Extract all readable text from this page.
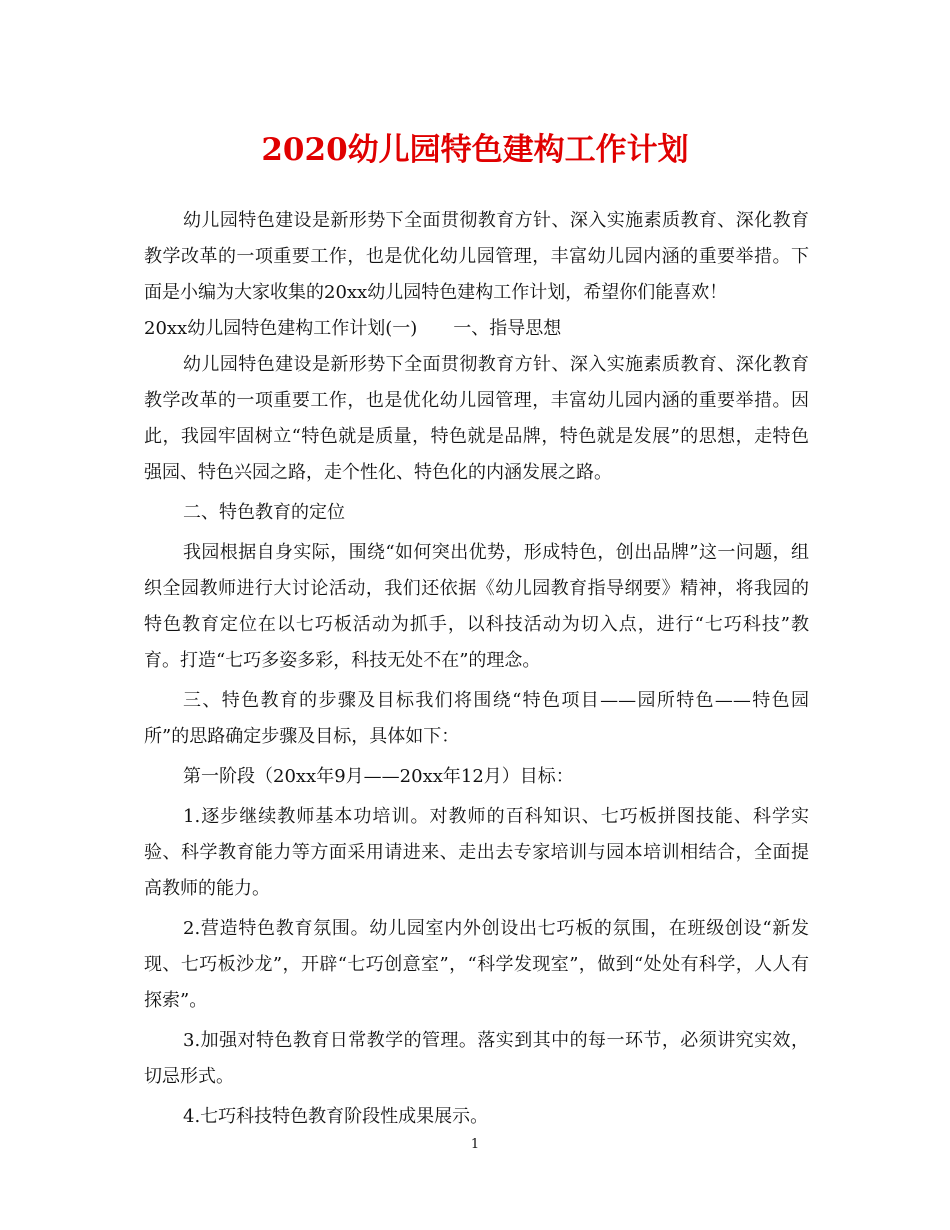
2020幼儿园特色建构工作计划

幼儿园特色建设是新形势下全面贯彻教育方针、深入实施素质教育、深化教育教学改革的一项重要工作，也是优化幼儿园管理，丰富幼儿园内涵的重要举措。下面是小编为大家收集的20xx幼儿园特色建构工作计划，希望你们能喜欢！

20xx幼儿园特色建构工作计划(一) 一、指导思想

幼儿园特色建设是新形势下全面贯彻教育方针、深入实施素质教育、深化教育教学改革的一项重要工作，也是优化幼儿园管理，丰富幼儿园内涵的重要举措。因此，我园牢固树立“特色就是质量，特色就是品牌，特色就是发展”的思想，走特色强园、特色兴园之路，走个性化、特色化的内涵发展之路。

二、特色教育的定位

我园根据自身实际，围绕“如何突出优势，形成特色，创出品牌”这一问题，组织全园教师进行大讨论活动，我们还依据《幼儿园教育指导纲要》精神，将我园的特色教育定位在以七巧板活动为抓手，以科技活动为切入点，进行“七巧科技”教育。打造“七巧多姿多彩，科技无处不在”的理念。

三、特色教育的步骤及目标我们将围绕“特色项目——园所特色——特色园所”的思路确定步骤及目标，具体如下：

第一阶段（20xx年9月——20xx年12月）目标：

1.逐步继续教师基本功培训。对教师的百科知识、七巧板拼图技能、科学实验、科学教育能力等方面采用请进来、走出去专家培训与园本培训相结合，全面提高教师的能力。

2.营造特色教育氛围。幼儿园室内外创设出七巧板的氛围，在班级创设“新发现、七巧板沙龙”，开辟“七巧创意室”，“科学发现室”，做到“处处有科学，人人有探索”。

3.加强对特色教育日常教学的管理。落实到其中的每一环节，必须讲究实效，切忌形式。

4.七巧科技特色教育阶段性成果展示。

1
